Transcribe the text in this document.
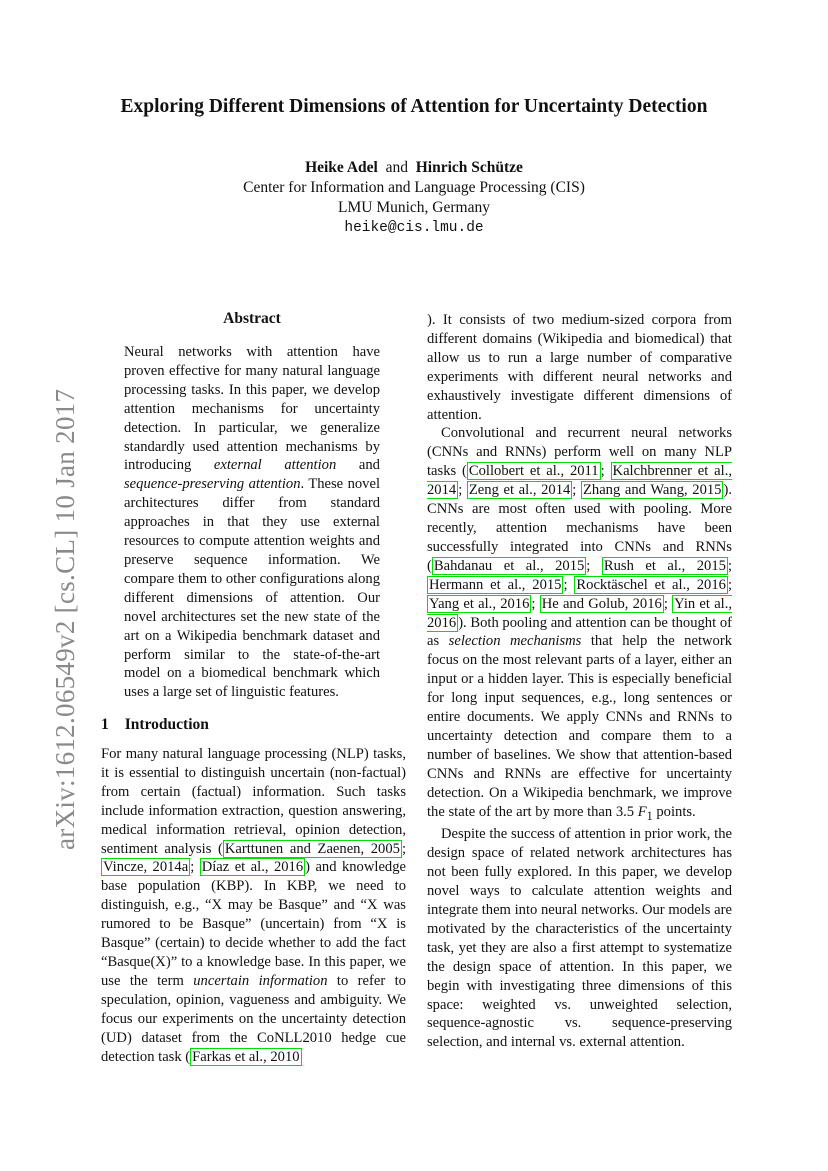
Exploring Different Dimensions of Attention for Uncertainty Detection
Heike Adel and Hinrich Schütze
Center for Information and Language Processing (CIS)
LMU Munich, Germany
heike@cis.lmu.de
arXiv:1612.06549v2 [cs.CL] 10 Jan 2017
Abstract

Neural networks with attention have proven effective for many natural language processing tasks. In this paper, we develop attention mechanisms for uncertainty detection. In particular, we generalize standardly used attention mechanisms by introducing external attention and sequence-preserving attention. These novel architectures differ from standard approaches in that they use external resources to compute attention weights and preserve sequence information. We compare them to other configurations along different dimensions of attention. Our novel architectures set the new state of the art on a Wikipedia benchmark dataset and perform similar to the state-of-the-art model on a biomedical benchmark which uses a large set of linguistic features.

1 Introduction

For many natural language processing (NLP) tasks, it is essential to distinguish uncertain (non-factual) from certain (factual) information. Such tasks include information extraction, question answering, medical information retrieval, opinion detection, sentiment analysis ( Karttunen and Zaenen, 2005 ; Vincze, 2014a ; Díaz et al., 2016 ) and knowledge base population (KBP). In KBP, we need to distinguish, e.g., “X may be Basque” and “X was rumored to be Basque” (uncertain) from “X is Basque” (certain) to decide whether to add the fact “Basque(X)” to a knowledge base. In this paper, we use the term uncertain information to refer to speculation, opinion, vagueness and ambiguity. We focus our experiments on the uncertainty detection (UD) dataset from the CoNLL2010 hedge cue detection task ( Farkas et al., 2010

). It consists of two medium-sized corpora from different domains (Wikipedia and biomedical) that allow us to run a large number of comparative experiments with different neural networks and exhaustively investigate different dimensions of attention.

Convolutional and recurrent neural networks (CNNs and RNNs) perform well on many NLP tasks ( Collobert et al., 2011 ; Kalchbrenner et al., 2014 ; Zeng et al., 2014 ; Zhang and Wang, 2015 ). CNNs are most often used with pooling. More recently, attention mechanisms have been successfully integrated into CNNs and RNNs ( Bahdanau et al., 2015 ; Rush et al., 2015 ; Hermann et al., 2015 ; Rocktäschel et al., 2016 ; Yang et al., 2016 ; He and Golub, 2016 ; Yin et al., 2016 ). Both pooling and attention can be thought of as selection mechanisms that help the network focus on the most relevant parts of a layer, either an input or a hidden layer. This is especially beneficial for long input sequences, e.g., long sentences or entire documents. We apply CNNs and RNNs to uncertainty detection and compare them to a number of baselines. We show that attention-based CNNs and RNNs are effective for uncertainty detection. On a Wikipedia benchmark, we improve the state of the art by more than 3.5 $F_1$ points.

Despite the success of attention in prior work, the design space of related network architectures has not been fully explored. In this paper, we develop novel ways to calculate attention weights and integrate them into neural networks. Our models are motivated by the characteristics of the uncertainty task, yet they are also a first attempt to systematize the design space of attention. In this paper, we begin with investigating three dimensions of this space: weighted vs. unweighted selection, sequence-agnostic vs. sequence-preserving selection, and internal vs. external attention.
